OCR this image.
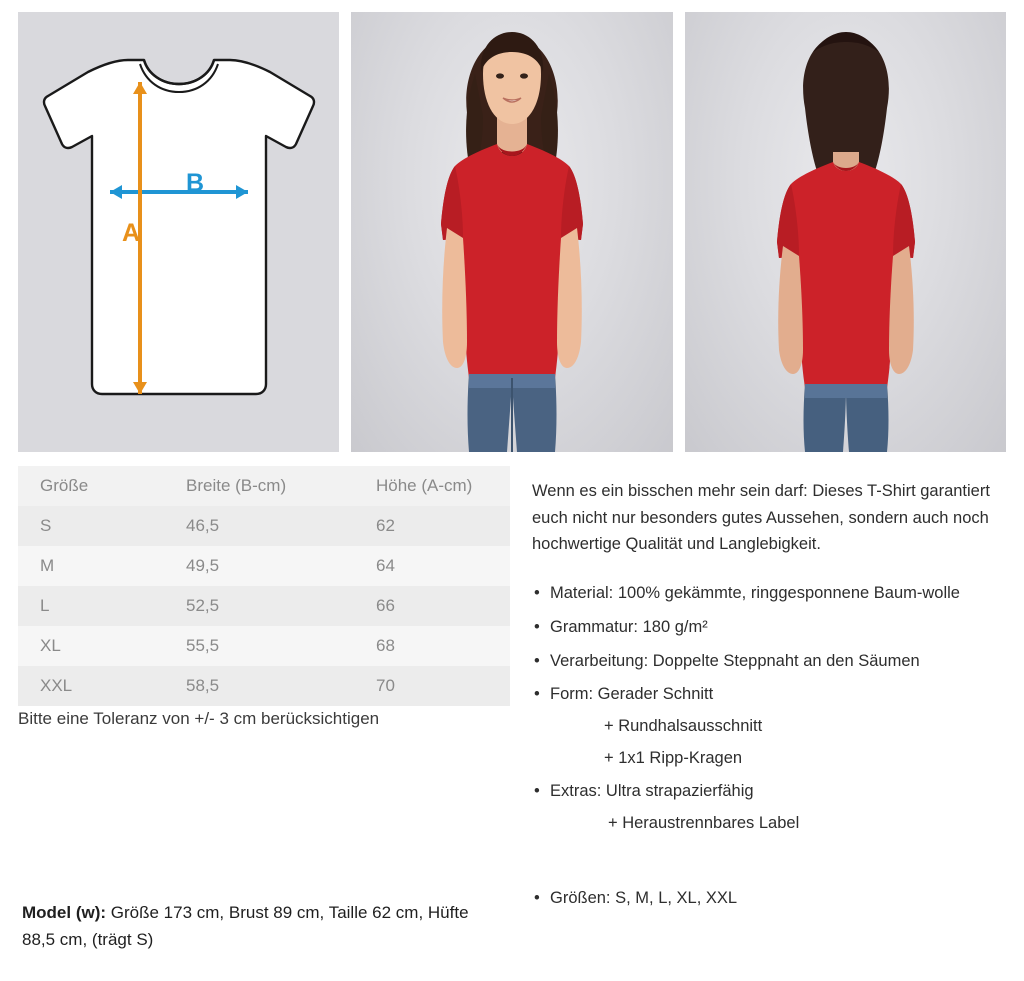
B
A
Größe	Breite (B-cm)	Höhe (A-cm)
S	46,5	62
M	49,5	64
L	52,5	66
XL	55,5	68
XXL	58,5	70
Bitte eine Toleranz von +/- 3 cm berücksichtigen
Model (w): Größe 173 cm, Brust 89 cm, Taille 62 cm, Hüfte 88,5 cm, (trägt S)

Wenn es ein bisschen mehr sein darf: Dieses T-Shirt garantiert euch nicht nur besonders gutes Aussehen, sondern auch noch hochwertige Qualität und Langlebigkeit.

• Material: 100% gekämmte, ringgesponnene Baum-wolle
• Grammatur: 180 g/m²
• Verarbeitung: Doppelte Steppnaht an den Säumen
• Form: Gerader Schnitt
+ Rundhalsausschnitt
+ 1x1 Ripp-Kragen
• Extras: Ultra strapazierfähig
+ Heraustrennbares Label
• Größen: S, M, L, XL, XXL
